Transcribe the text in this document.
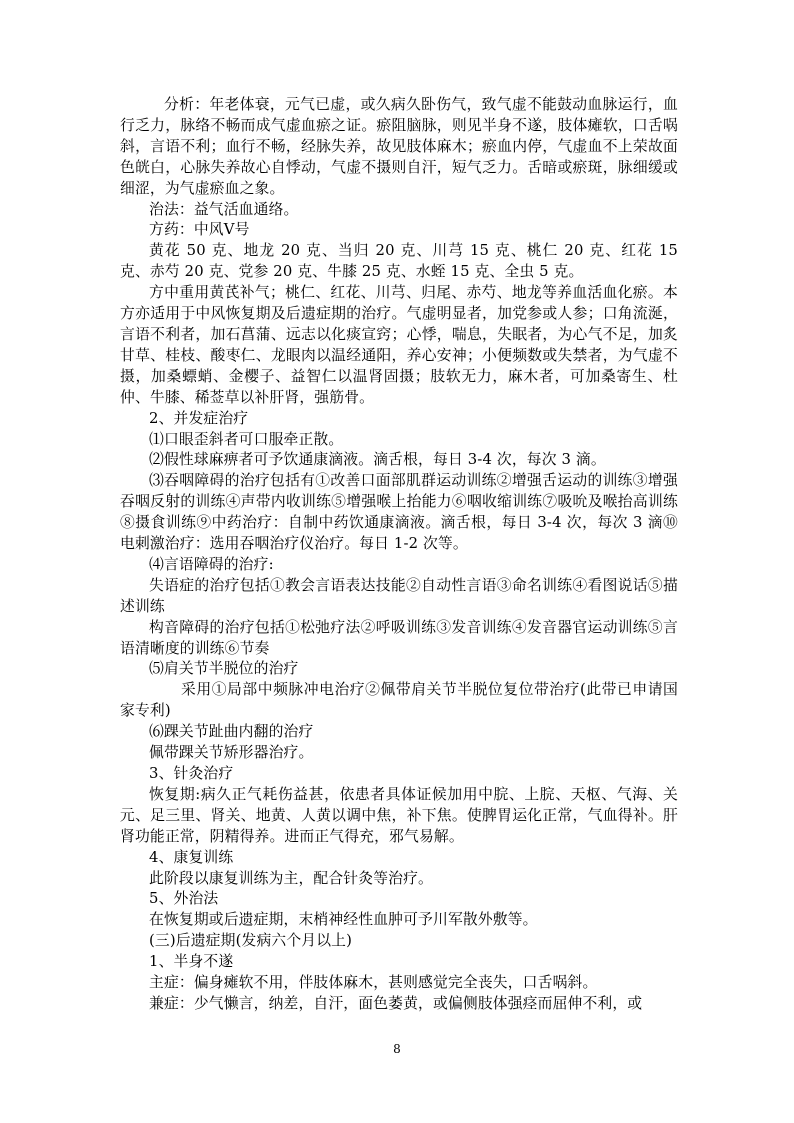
分析：年老体衰，元气已虚，或久病久卧伤气，致气虚不能鼓动血脉运行，血行乏力，脉络不畅而成气虚血瘀之证。瘀阻脑脉，则见半身不遂，肢体瘫软，口舌㖞斜，言语不利；血行不畅，经脉失养，故见肢体麻木；瘀血内停，气虚血不上荣故面色㿠白，心脉失养故心自悸动，气虚不摄则自汗，短气乏力。舌暗或瘀斑，脉细缓或细涩，为气虚瘀血之象。

治法：益气活血通络。

方药：中风Ⅴ号

黄花 50 克、地龙 20 克、当归 20 克、川芎 15 克、桃仁 20 克、红花 15 克、赤芍 20 克、党参 20 克、牛膝 25 克、水蛭 15 克、全虫 5 克。

方中重用黄芪补气；桃仁、红花、川芎、归尾、赤芍、地龙等养血活血化瘀。本方亦适用于中风恢复期及后遗症期的治疗。气虚明显者，加党参或人参；口角流涎，言语不利者，加石菖蒲、远志以化痰宣窍；心悸，喘息，失眠者，为心气不足，加炙甘草、桂枝、酸枣仁、龙眼肉以温经通阳，养心安神；小便频数或失禁者，为气虚不摄，加桑螵蛸、金樱子、益智仁以温肾固摄；肢软无力，麻木者，可加桑寄生、杜仲、牛膝、稀莶草以补肝肾，强筋骨。

2、并发症治疗

⑴口眼歪斜者可口服牵正散。

⑵假性球麻痹者可予饮通康滴液。滴舌根，每日 3-4 次，每次 3 滴。

⑶吞咽障碍的治疗包括有①改善口面部肌群运动训练②增强舌运动的训练③增强吞咽反射的训练④声带内收训练⑤增强喉上抬能力⑥咽收缩训练⑦吸吮及喉抬高训练⑧摄食训练⑨中药治疗：自制中药饮通康滴液。滴舌根，每日 3-4 次，每次 3 滴⑩电刺激治疗：选用吞咽治疗仪治疗。每日 1-2 次等。

⑷言语障碍的治疗:

失语症的治疗包括①教会言语表达技能②自动性言语③命名训练④看图说话⑤描述训练

构音障碍的治疗包括①松弛疗法②呼吸训练③发音训练④发音器官运动训练⑤言语清晰度的训练⑥节奏

⑸肩关节半脱位的治疗

采用①局部中频脉冲电治疗②佩带肩关节半脱位复位带治疗(此带已申请国家专利)

⑹踝关节趾曲内翻的治疗

佩带踝关节矫形器治疗。

3、针灸治疗

恢复期:病久正气耗伤益甚，依患者具体证候加用中脘、上脘、天枢、气海、关元、足三里、肾关、地黄、人黄以调中焦，补下焦。使脾胃运化正常，气血得补。肝肾功能正常，阴精得养。进而正气得充，邪气易解。

4、康复训练

此阶段以康复训练为主，配合针灸等治疗。

5、外治法

在恢复期或后遗症期，末梢神经性血肿可予川军散外敷等。

(三)后遗症期(发病六个月以上)

1、半身不遂

主症：偏身瘫软不用，伴肢体麻木，甚则感觉完全丧失，口舌㖞斜。

兼症：少气懒言，纳差，自汗，面色萎黄，或偏侧肢体强痉而屈伸不利，或

8
